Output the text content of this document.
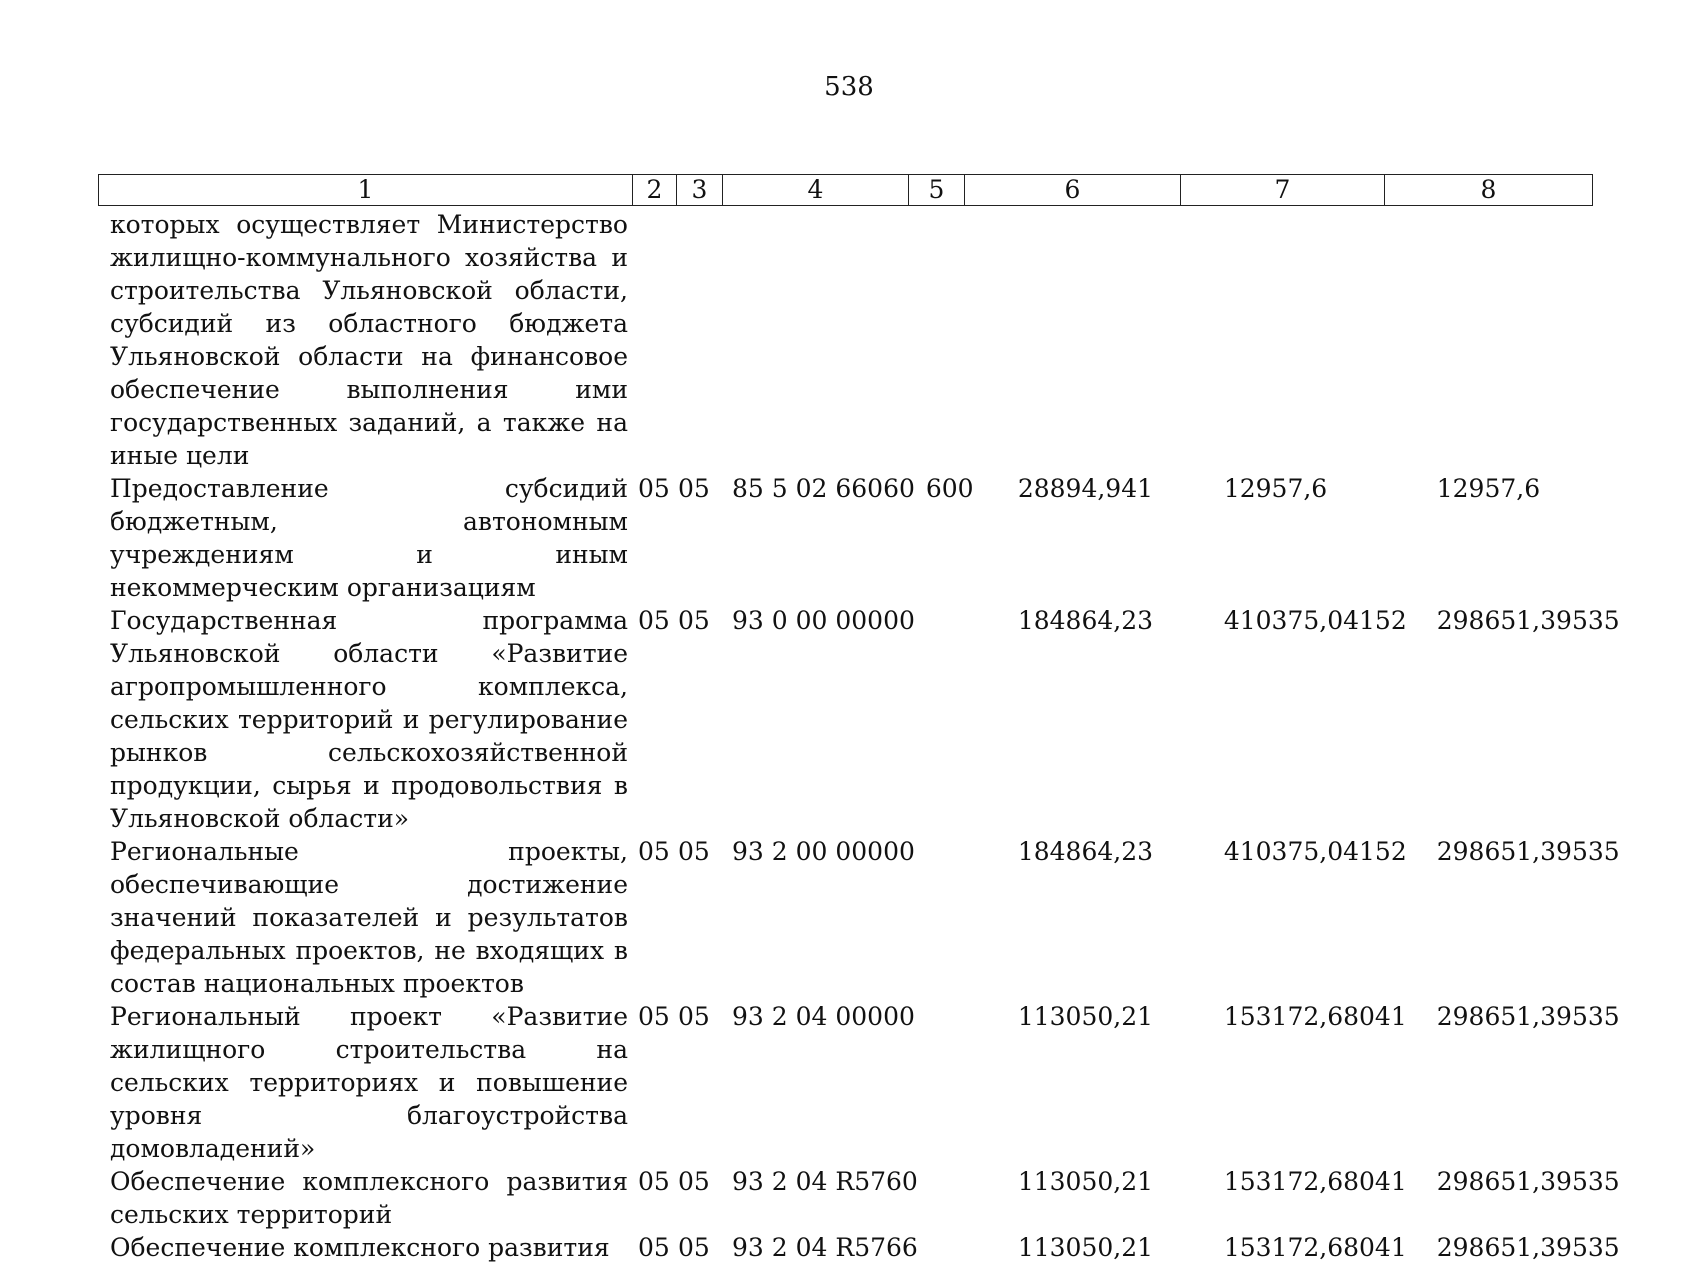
538
1	2	3	4	5	6	7	8
которых осуществляет Министерство жилищно-коммунального хозяйства и строительства Ульяновской области, субсидий из областного бюджета Ульяновской области на финансовое обеспечение выполнения ими государственных заданий, а также на иные цели							
Предоставление субсидий бюджетным, автономным учреждениям и иным некоммерческим организациям	05	05	85 5 02 66060	600	28894,941	12957,6	12957,6
Государственная программа Ульяновской области «Развитие агропромышленного комплекса, сельских территорий и регулирование рынков сельскохозяйственной продукции, сырья и продовольствия в Ульяновской области»	05	05	93 0 00 00000		184864,23	410375,04152	298651,39535
Региональные проекты, обеспечивающие достижение значений показателей и результатов федеральных проектов, не входящих в состав национальных проектов	05	05	93 2 00 00000		184864,23	410375,04152	298651,39535
Региональный проект «Развитие жилищного строительства на сельских территориях и повышение уровня благоустройства домовладений»	05	05	93 2 04 00000		113050,21	153172,68041	298651,39535
Обеспечение комплексного развития сельских территорий	05	05	93 2 04 R5760		113050,21	153172,68041	298651,39535
Обеспечение комплексного развития	05	05	93 2 04 R5766		113050,21	153172,68041	298651,39535
